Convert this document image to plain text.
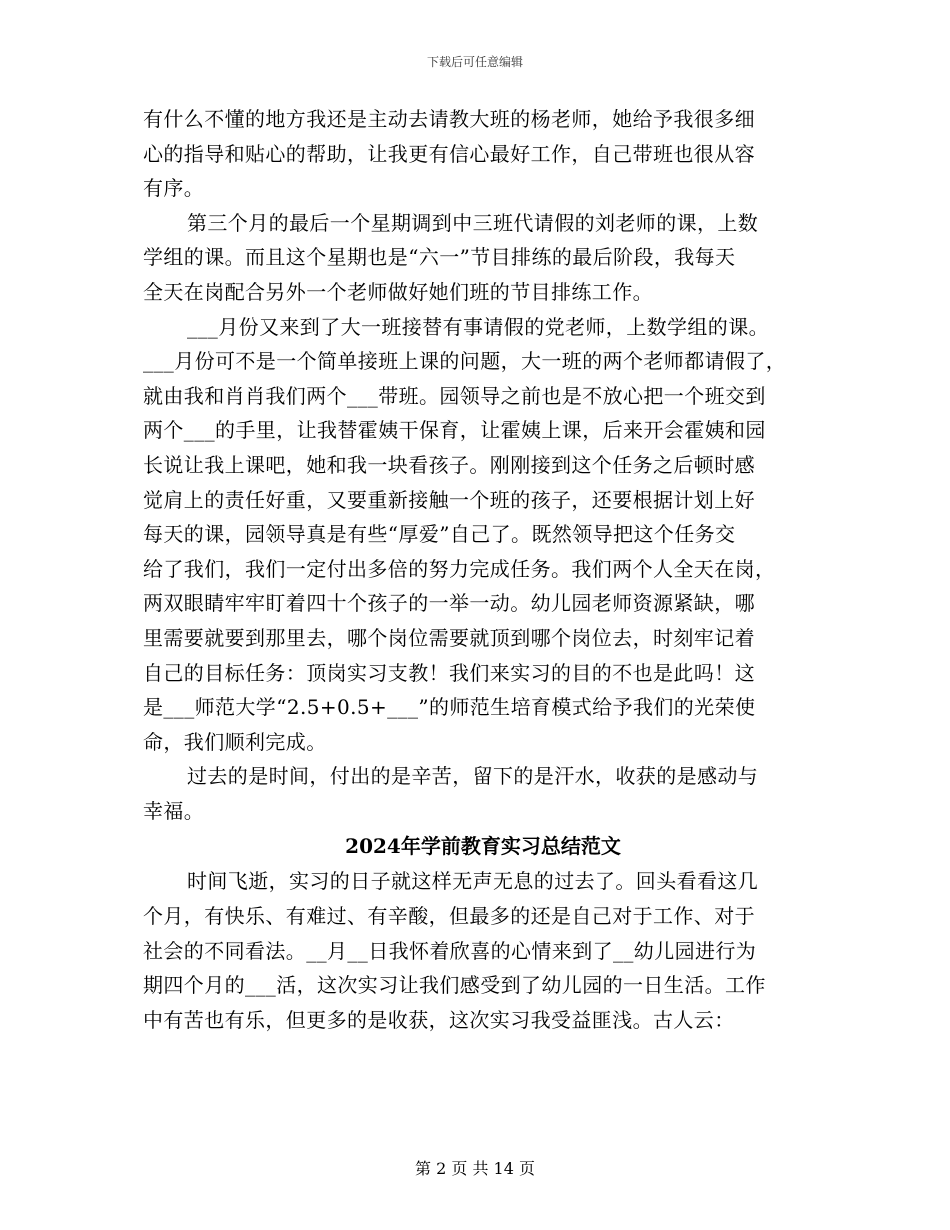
下载后可任意编辑
有什么不懂的地方我还是主动去请教大班的杨老师，她给予我很多细
心的指导和贴心的帮助，让我更有信心最好工作，自己带班也很从容
有序。
第三个月的最后一个星期调到中三班代请假的刘老师的课，上数
学组的课。而且这个星期也是“六一”节目排练的最后阶段，我每天
全天在岗配合另外一个老师做好她们班的节目排练工作。
___月份又来到了大一班接替有事请假的党老师，上数学组的课。
___月份可不是一个简单接班上课的问题，大一班的两个老师都请假了，
就由我和肖肖我们两个___带班。园领导之前也是不放心把一个班交到
两个___的手里，让我替霍姨干保育，让霍姨上课，后来开会霍姨和园
长说让我上课吧，她和我一块看孩子。刚刚接到这个任务之后顿时感
觉肩上的责任好重，又要重新接触一个班的孩子，还要根据计划上好
每天的课，园领导真是有些“厚爱”自己了。既然领导把这个任务交
给了我们，我们一定付出多倍的努力完成任务。我们两个人全天在岗，
两双眼睛牢牢盯着四十个孩子的一举一动。幼儿园老师资源紧缺，哪
里需要就要到那里去，哪个岗位需要就顶到哪个岗位去，时刻牢记着
自己的目标任务：顶岗实习支教！我们来实习的目的不也是此吗！这
是___师范大学“2.5+0.5+___”的师范生培育模式给予我们的光荣使
命，我们顺利完成。
过去的是时间，付出的是辛苦，留下的是汗水，收获的是感动与
幸福。
2024年学前教育实习总结范文
时间飞逝，实习的日子就这样无声无息的过去了。回头看看这几
个月，有快乐、有难过、有辛酸，但最多的还是自己对于工作、对于
社会的不同看法。__月__日我怀着欣喜的心情来到了__幼儿园进行为
期四个月的___活，这次实习让我们感受到了幼儿园的一日生活。工作
中有苦也有乐，但更多的是收获，这次实习我受益匪浅。古人云：
第 2 页 共 14 页
